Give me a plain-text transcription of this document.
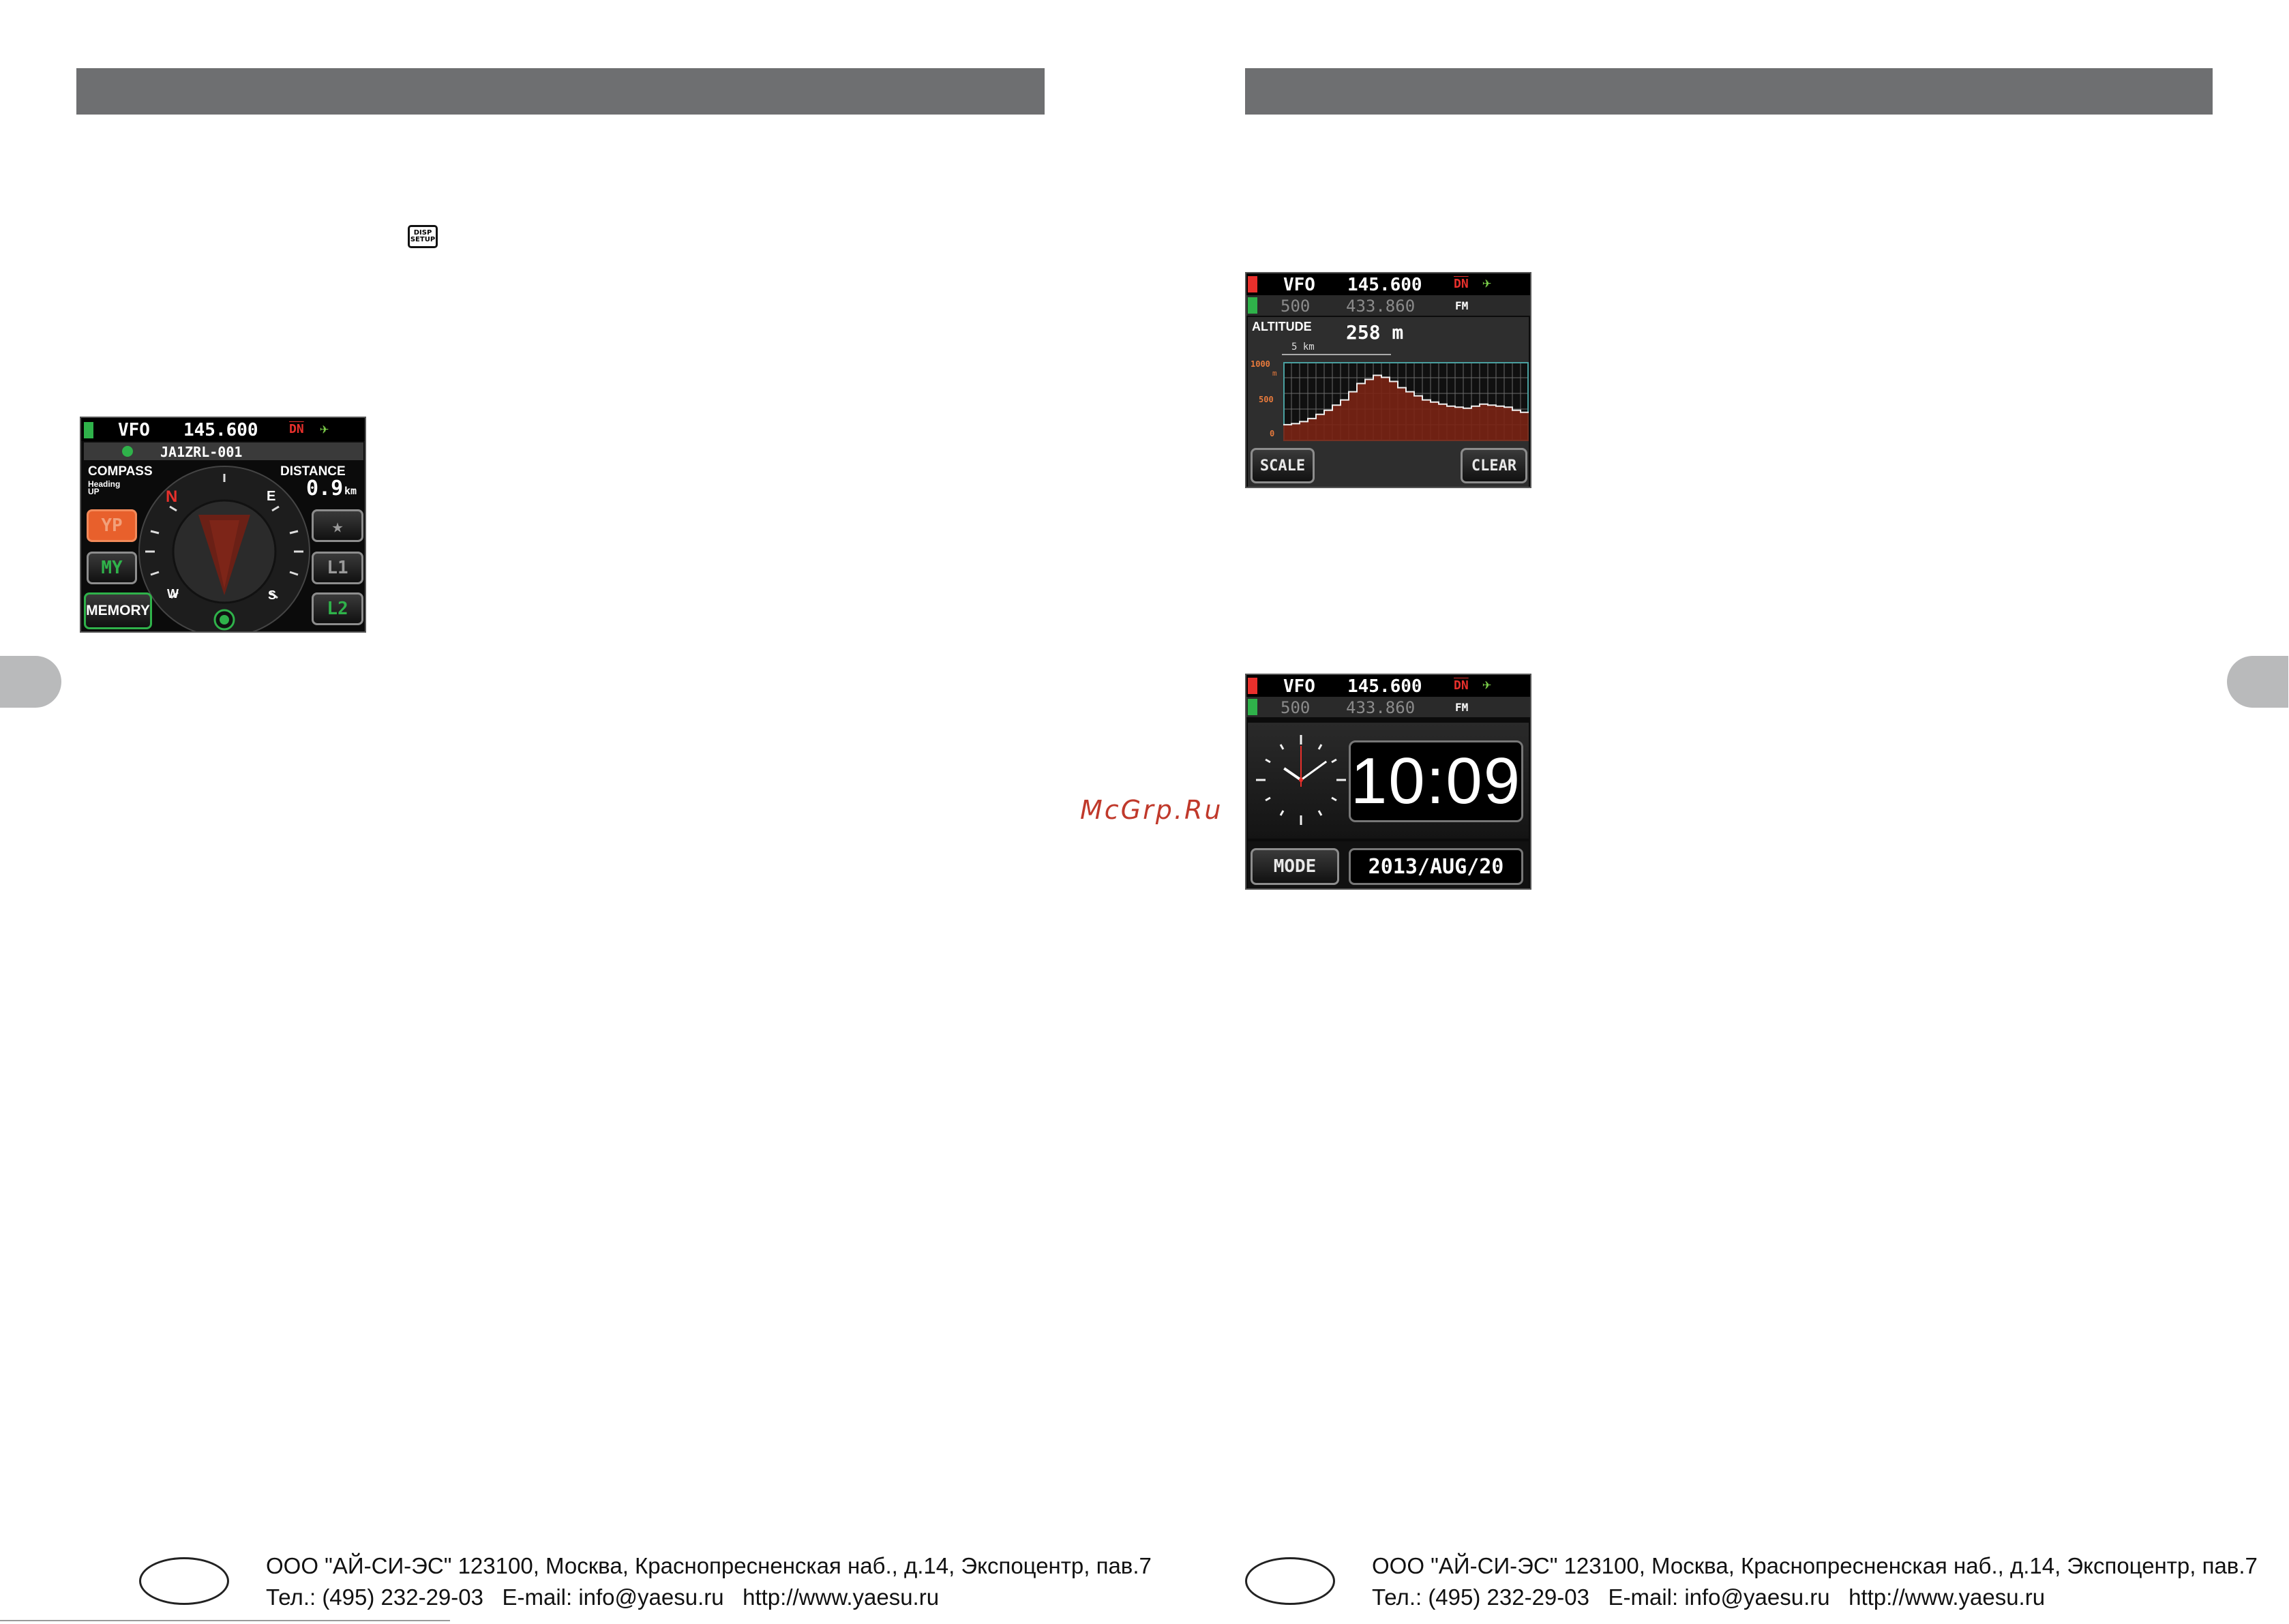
DISP
SETUP
VFO 145.600	$\overline{DN}$ ✈
JA1ZRL-001
COMPASS
Heading
UP
DISTANCE
0.9 km
N	E
W	S
YP
MY
MEMORY
★
L1
L2
VFO 145.600	$\overline{DN}$ ✈
500 433.860	FM
ALTITUDE 258 m
5 km
1000
m
500
0
SCALE	CLEAR
VFO 145.600	$\overline{DN}$ ✈
500 433.860	FM
10:09
MODE	2013/AUG/20
McGrp.Ru
ООО "АЙ-СИ-ЭС" 123100, Москва, Краснопресненская наб., д.14, Экспоцентр, пав.7
Тел.: (495) 232-29-03   E-mail: info@yaesu.ru   http://www.yaesu.ru
ООО "АЙ-СИ-ЭС" 123100, Москва, Краснопресненская наб., д.14, Экспоцентр, пав.7
Тел.: (495) 232-29-03   E-mail: info@yaesu.ru   http://www.yaesu.ru
